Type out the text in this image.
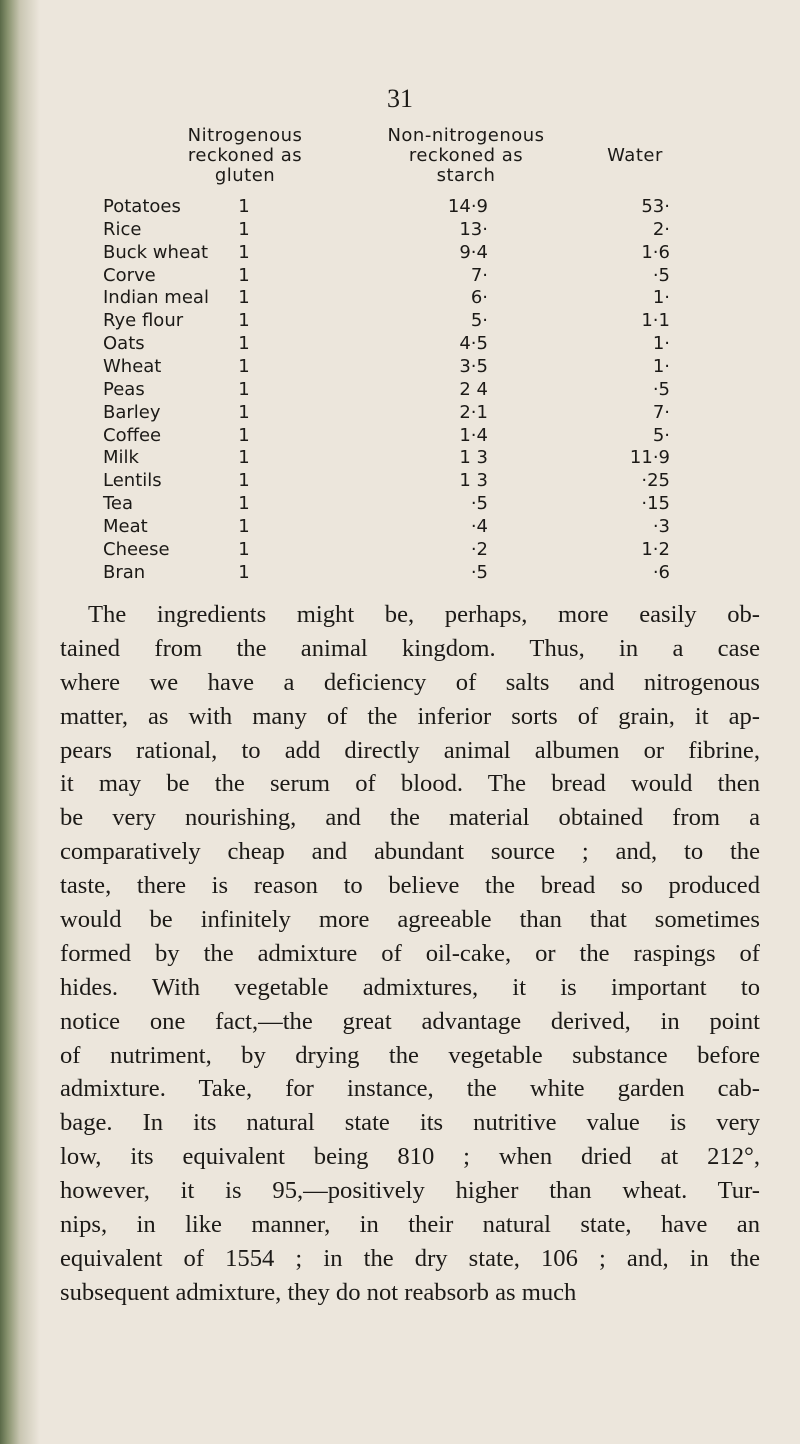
31
Nitrogenous
reckoned as
gluten
Non-nitrogenous
reckoned as
starch
Water
Potatoes	1	14·9	53·
Rice	1	13·	2·
Buck wheat	1	9·4	1·6
Corve	1	7·	·5
Indian meal	1	6·	1·
Rye flour	1	5·	1·1
Oats	1	4·5	1·
Wheat	1	3·5	1·
Peas	1	2 4	·5
Barley	1	2·1	7·
Coffee	1	1·4	5·
Milk	1	1 3	11·9
Lentils	1	1 3	·25
Tea	1	·5	·15
Meat	1	·4	·3
Cheese	1	·2	1·2
Bran	1	·5	·6
The ingredients might be, perhaps, more easily ob-
tained from the animal kingdom. Thus, in a case
where we have a deficiency of salts and nitrogenous
matter, as with many of the inferior sorts of grain, it ap-
pears rational, to add directly animal albumen or fibrine,
it may be the serum of blood. The bread would then
be very nourishing, and the material obtained from a
comparatively cheap and abundant source ; and, to the
taste, there is reason to believe the bread so produced
would be infinitely more agreeable than that sometimes
formed by the admixture of oil-cake, or the raspings of
hides. With vegetable admixtures, it is important to
notice one fact,—the great advantage derived, in point
of nutriment, by drying the vegetable substance before
admixture. Take, for instance, the white garden cab-
bage. In its natural state its nutritive value is very
low, its equivalent being 810 ; when dried at 212°,
however, it is 95,—positively higher than wheat. Tur-
nips, in like manner, in their natural state, have an
equivalent of 1554 ; in the dry state, 106 ; and, in the
subsequent admixture, they do not reabsorb as much
